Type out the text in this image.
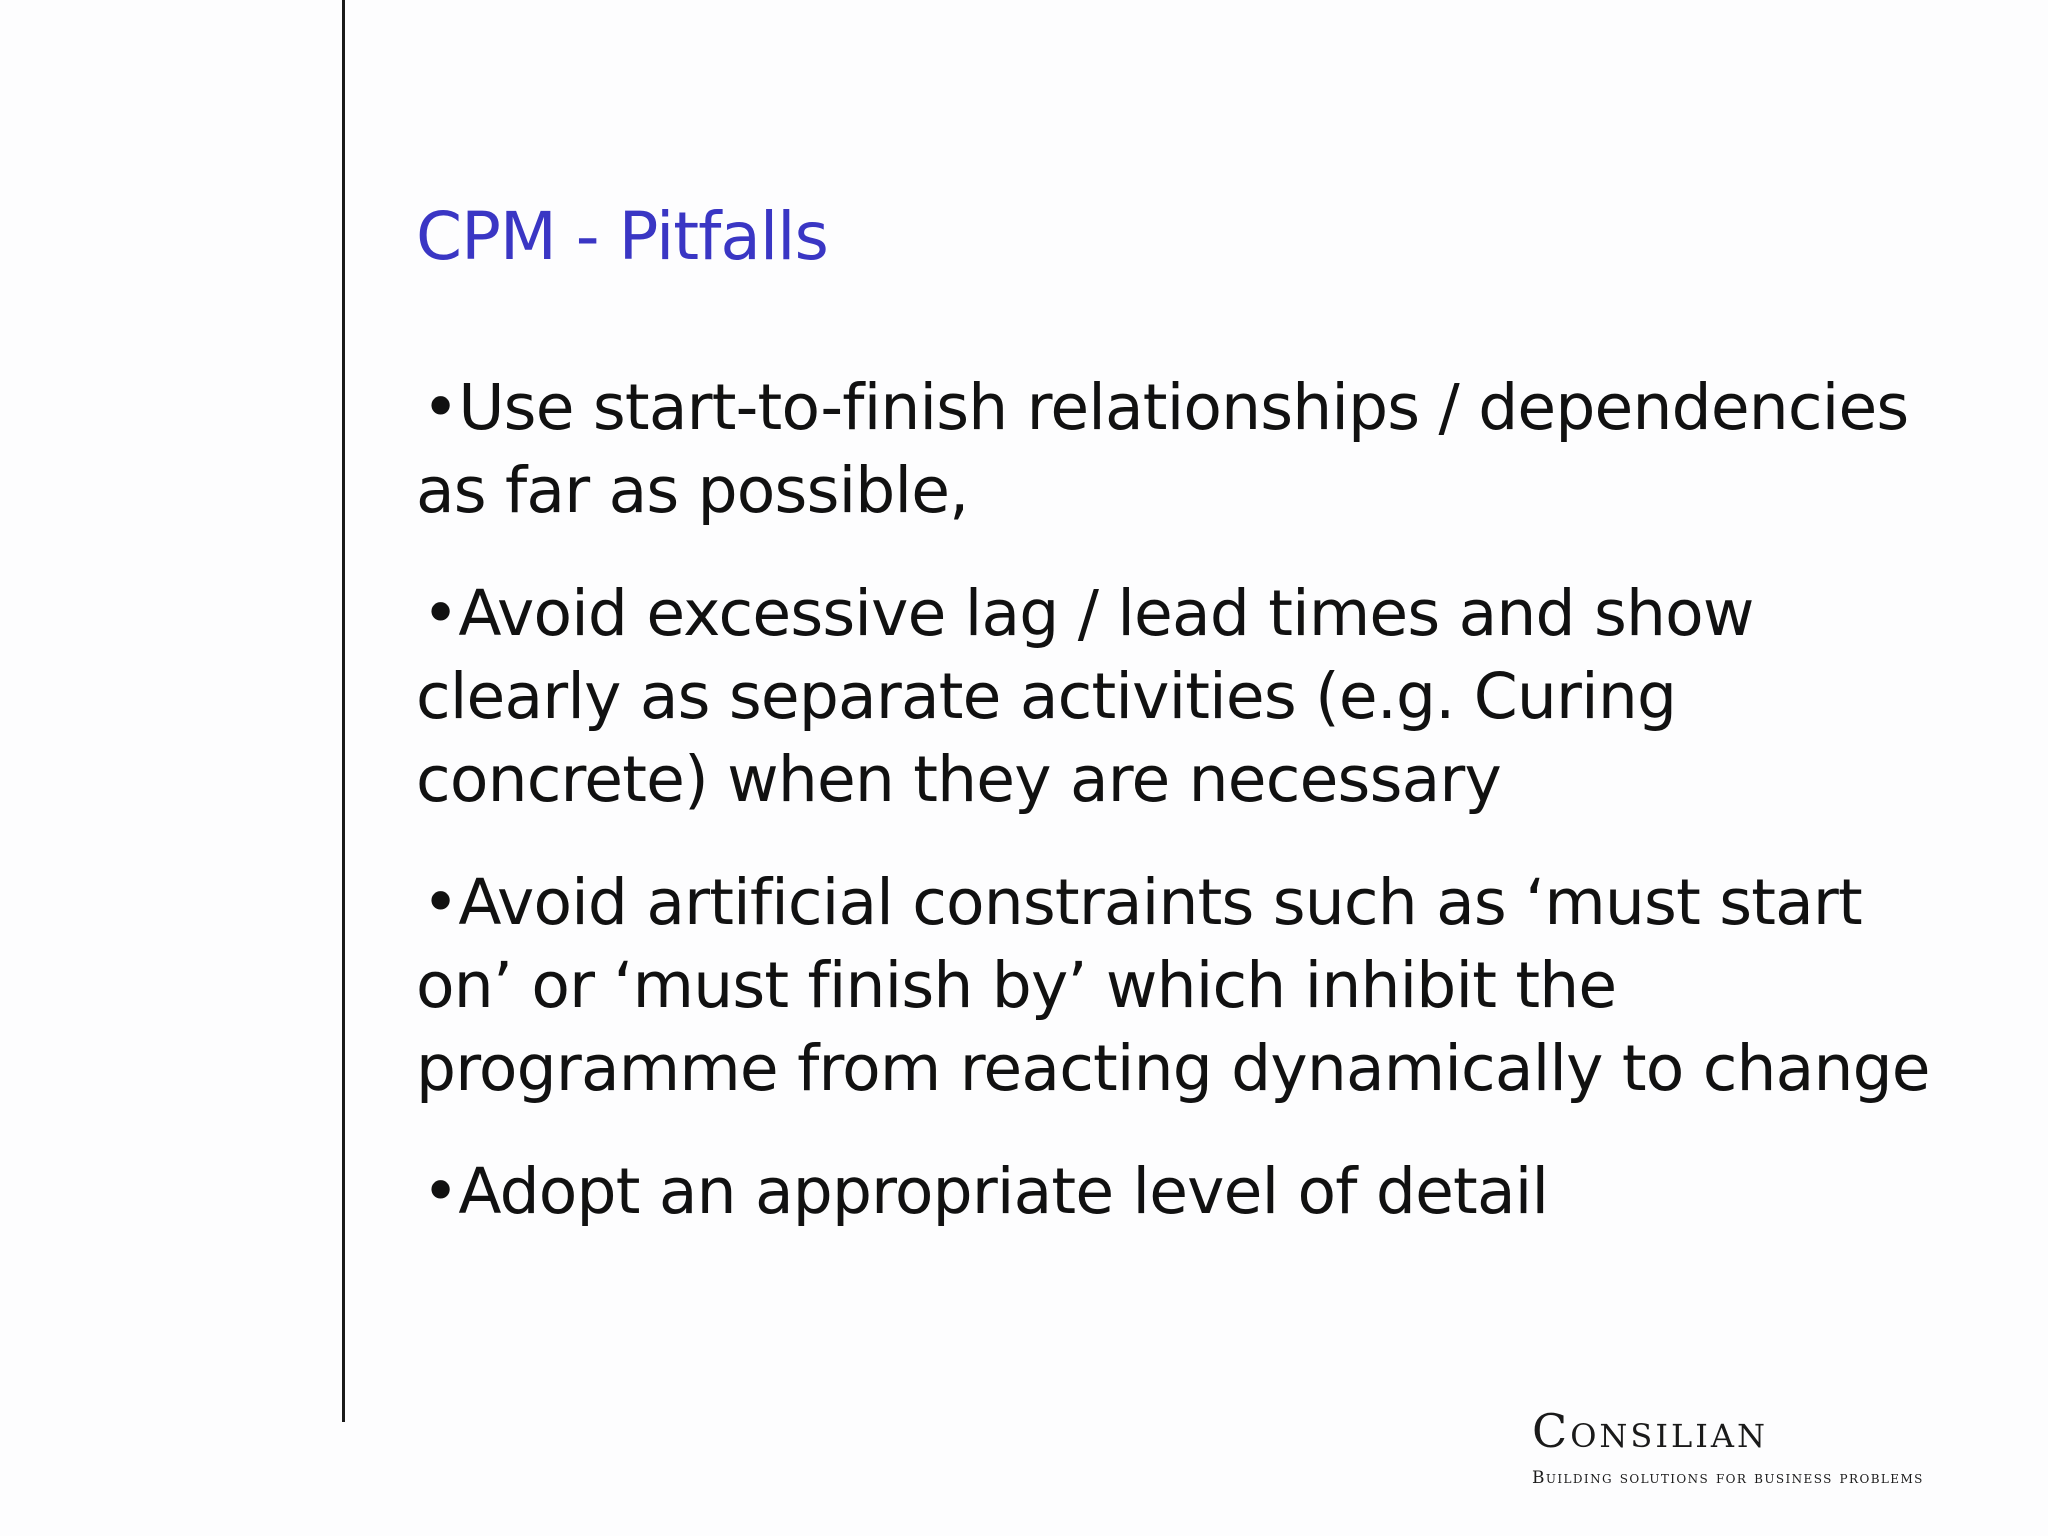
CPM - Pitfalls
• Use start-to-finish relationships / dependencies as far as possible,
• Avoid excessive lag / lead times and show clearly as separate activities (e.g. Curing concrete) when they are necessary
• Avoid artificial constraints such as ‘must start on’ or ‘must finish by’ which inhibit the programme from reacting dynamically to change
• Adopt an appropriate level of detail
Consilian
Building solutions for business problems
